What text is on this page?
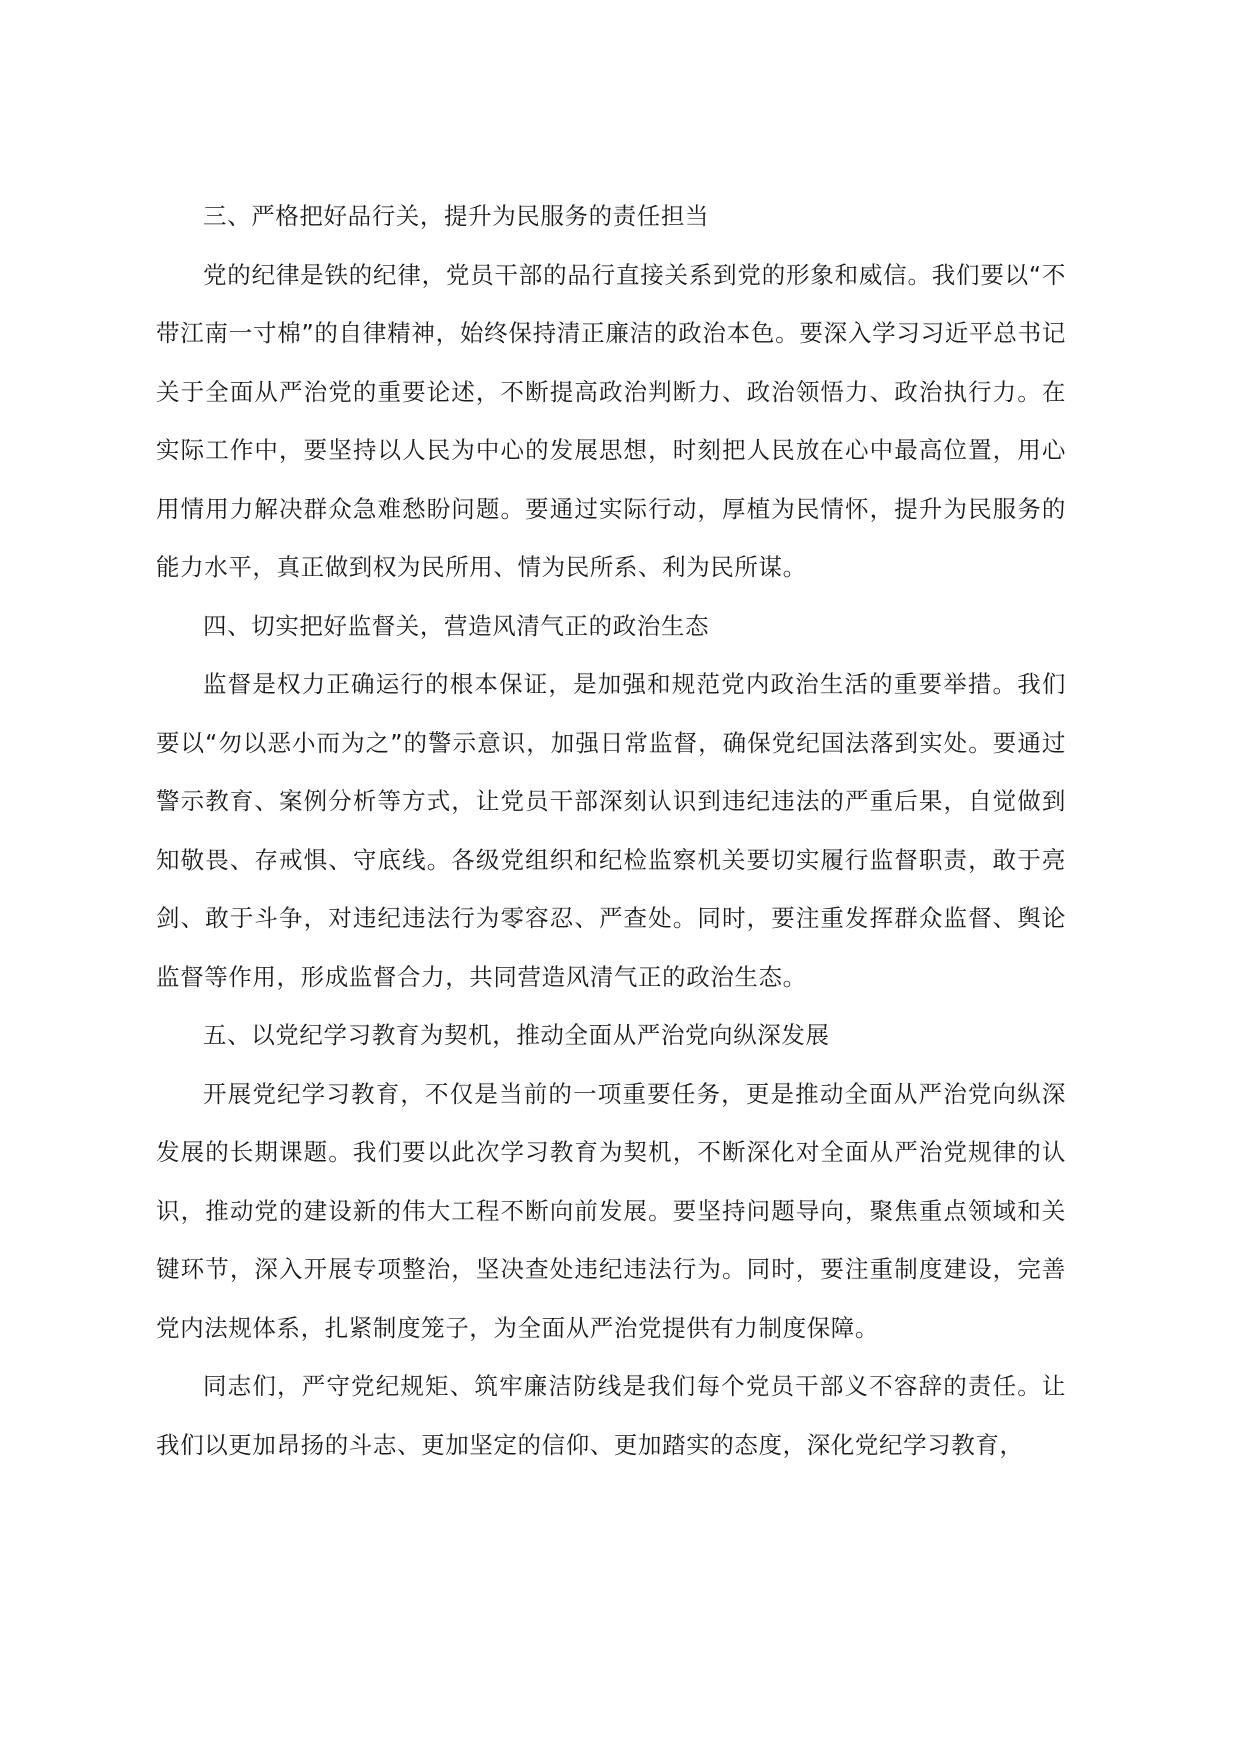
三、严格把好品行关，提升为民服务的责任担当

党的纪律是铁的纪律，党员干部的品行直接关系到党的形象和威信。我们要以“不带江南一寸棉”的自律精神，始终保持清正廉洁的政治本色。要深入学习习近平总书记关于全面从严治党的重要论述，不断提高政治判断力、政治领悟力、政治执行力。在实际工作中，要坚持以人民为中心的发展思想，时刻把人民放在心中最高位置，用心用情用力解决群众急难愁盼问题。要通过实际行动，厚植为民情怀，提升为民服务的能力水平，真正做到权为民所用、情为民所系、利为民所谋。

四、切实把好监督关，营造风清气正的政治生态

监督是权力正确运行的根本保证，是加强和规范党内政治生活的重要举措。我们要以“勿以恶小而为之”的警示意识，加强日常监督，确保党纪国法落到实处。要通过警示教育、案例分析等方式，让党员干部深刻认识到违纪违法的严重后果，自觉做到知敬畏、存戒惧、守底线。各级党组织和纪检监察机关要切实履行监督职责，敢于亮剑、敢于斗争，对违纪违法行为零容忍、严查处。同时，要注重发挥群众监督、舆论监督等作用，形成监督合力，共同营造风清气正的政治生态。

五、以党纪学习教育为契机，推动全面从严治党向纵深发展

开展党纪学习教育，不仅是当前的一项重要任务，更是推动全面从严治党向纵深发展的长期课题。我们要以此次学习教育为契机，不断深化对全面从严治党规律的认识，推动党的建设新的伟大工程不断向前发展。要坚持问题导向，聚焦重点领域和关键环节，深入开展专项整治，坚决查处违纪违法行为。同时，要注重制度建设，完善党内法规体系，扎紧制度笼子，为全面从严治党提供有力制度保障。

同志们，严守党纪规矩、筑牢廉洁防线是我们每个党员干部义不容辞的责任。让我们以更加昂扬的斗志、更加坚定的信仰、更加踏实的态度，深化党纪学习教育，
